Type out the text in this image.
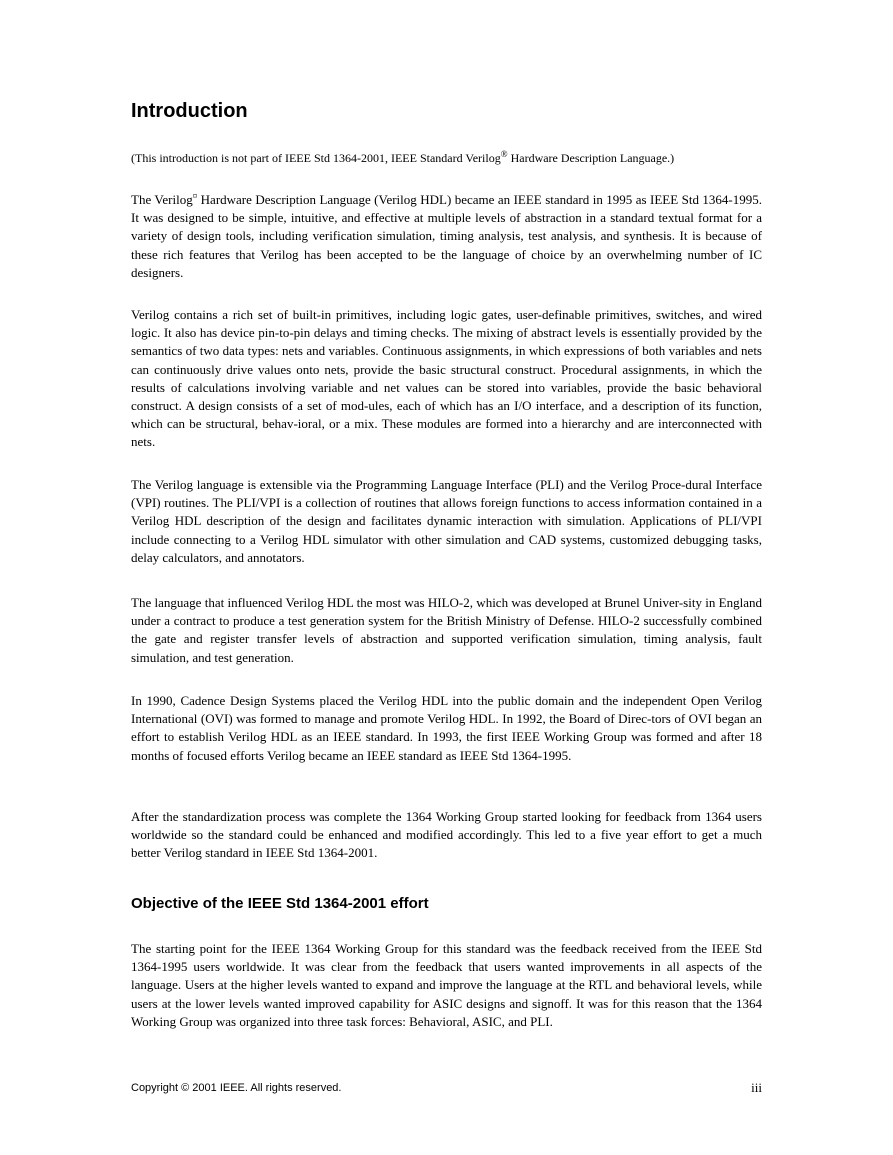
Introduction
(This introduction is not part of IEEE Std 1364-2001, IEEE Standard Verilog® Hardware Description Language.)

The Verilog¤ Hardware Description Language (Verilog HDL) became an IEEE standard in 1995 as IEEE Std 1364-1995. It was designed to be simple, intuitive, and effective at multiple levels of abstraction in a standard textual format for a variety of design tools, including verification simulation, timing analysis, test analysis, and synthesis. It is because of these rich features that Verilog has been accepted to be the language of choice by an overwhelming number of IC designers.

Verilog contains a rich set of built-in primitives, including logic gates, user-definable primitives, switches, and wired logic. It also has device pin-to-pin delays and timing checks. The mixing of abstract levels is essentially provided by the semantics of two data types: nets and variables. Continuous assignments, in which expressions of both variables and nets can continuously drive values onto nets, provide the basic structural construct. Procedural assignments, in which the results of calculations involving variable and net values can be stored into variables, provide the basic behavioral construct. A design consists of a set of mod-ules, each of which has an I/O interface, and a description of its function, which can be structural, behav-ioral, or a mix. These modules are formed into a hierarchy and are interconnected with nets.

The Verilog language is extensible via the Programming Language Interface (PLI) and the Verilog Proce-dural Interface (VPI) routines. The PLI/VPI is a collection of routines that allows foreign functions to access information contained in a Verilog HDL description of the design and facilitates dynamic interaction with simulation. Applications of PLI/VPI include connecting to a Verilog HDL simulator with other simulation and CAD systems, customized debugging tasks, delay calculators, and annotators.

The language that influenced Verilog HDL the most was HILO-2, which was developed at Brunel Univer-sity in England under a contract to produce a test generation system for the British Ministry of Defense. HILO-2 successfully combined the gate and register transfer levels of abstraction and supported verification simulation, timing analysis, fault simulation, and test generation.

In 1990, Cadence Design Systems placed the Verilog HDL into the public domain and the independent Open Verilog International (OVI) was formed to manage and promote Verilog HDL. In 1992, the Board of Direc-tors of OVI began an effort to establish Verilog HDL as an IEEE standard. In 1993, the first IEEE Working Group was formed and after 18 months of focused efforts Verilog became an IEEE standard as IEEE Std 1364-1995.

After the standardization process was complete the 1364 Working Group started looking for feedback from 1364 users worldwide so the standard could be enhanced and modified accordingly. This led to a five year effort to get a much better Verilog standard in IEEE Std 1364-2001.

Objective of the IEEE Std 1364-2001 effort

The starting point for the IEEE 1364 Working Group for this standard was the feedback received from the IEEE Std 1364-1995 users worldwide. It was clear from the feedback that users wanted improvements in all aspects of the language. Users at the higher levels wanted to expand and improve the language at the RTL and behavioral levels, while users at the lower levels wanted improved capability for ASIC designs and signoff. It was for this reason that the 1364 Working Group was organized into three task forces: Behavioral, ASIC, and PLI.

Copyright © 2001 IEEE. All rights reserved.	iii
